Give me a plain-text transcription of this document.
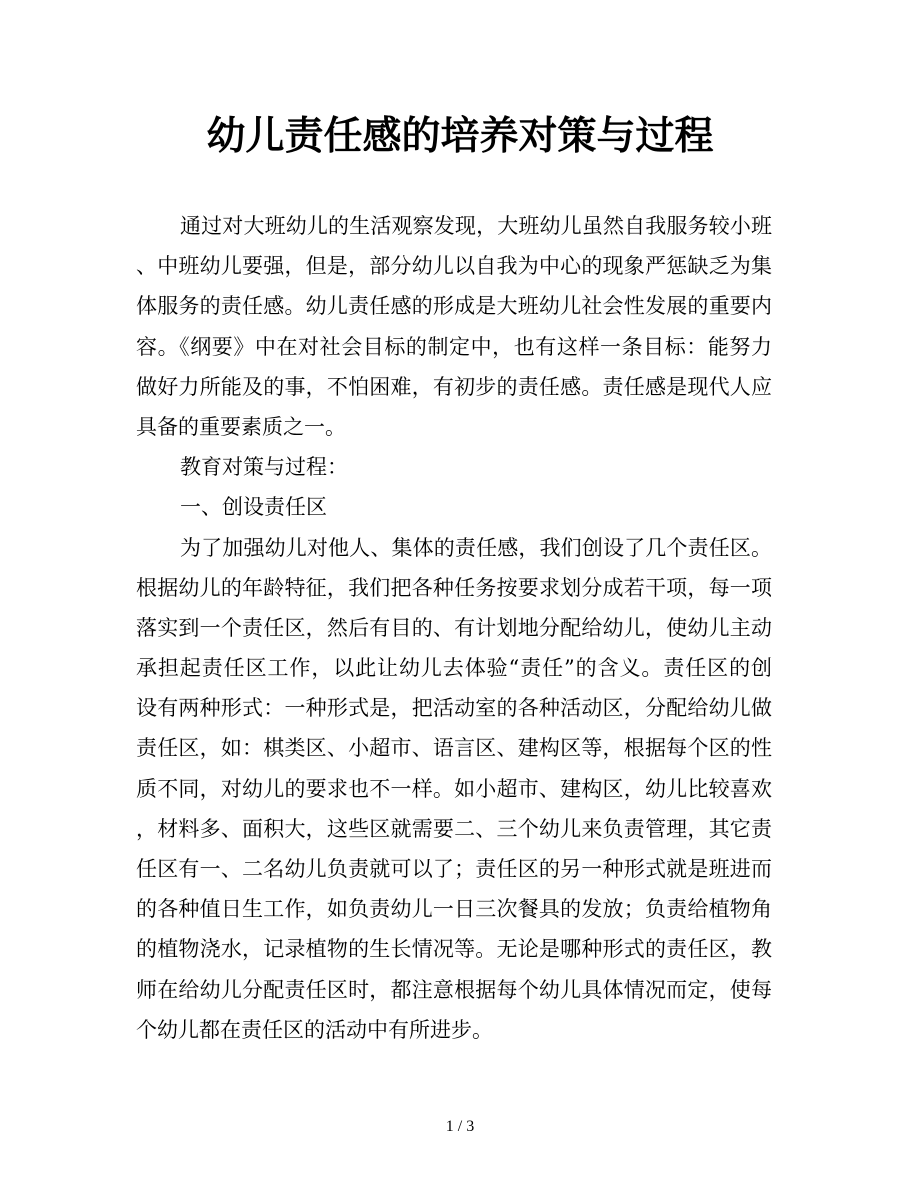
幼儿责任感的培养对策与过程
通过对大班幼儿的生活观察发现，大班幼儿虽然自我服务较小班
、中班幼儿要强，但是，部分幼儿以自我为中心的现象严惩缺乏为集
体服务的责任感。幼儿责任感的形成是大班幼儿社会性发展的重要内
容。《纲要》中在对社会目标的制定中，也有这样一条目标：能努力
做好力所能及的事，不怕困难，有初步的责任感。责任感是现代人应
具备的重要素质之一。
教育对策与过程：
一、创设责任区
为了加强幼儿对他人、集体的责任感，我们创设了几个责任区。
根据幼儿的年龄特征，我们把各种任务按要求划分成若干项，每一项
落实到一个责任区，然后有目的、有计划地分配给幼儿，使幼儿主动
承担起责任区工作，以此让幼儿去体验“责任”的含义。责任区的创
设有两种形式：一种形式是，把活动室的各种活动区，分配给幼儿做
责任区，如：棋类区、小超市、语言区、建构区等，根据每个区的性
质不同，对幼儿的要求也不一样。如小超市、建构区，幼儿比较喜欢
，材料多、面积大，这些区就需要二、三个幼儿来负责管理，其它责
任区有一、二名幼儿负责就可以了；责任区的另一种形式就是班进而
的各种值日生工作，如负责幼儿一日三次餐具的发放；负责给植物角
的植物浇水，记录植物的生长情况等。无论是哪种形式的责任区，教
师在给幼儿分配责任区时，都注意根据每个幼儿具体情况而定，使每
个幼儿都在责任区的活动中有所进步。
1 / 3
